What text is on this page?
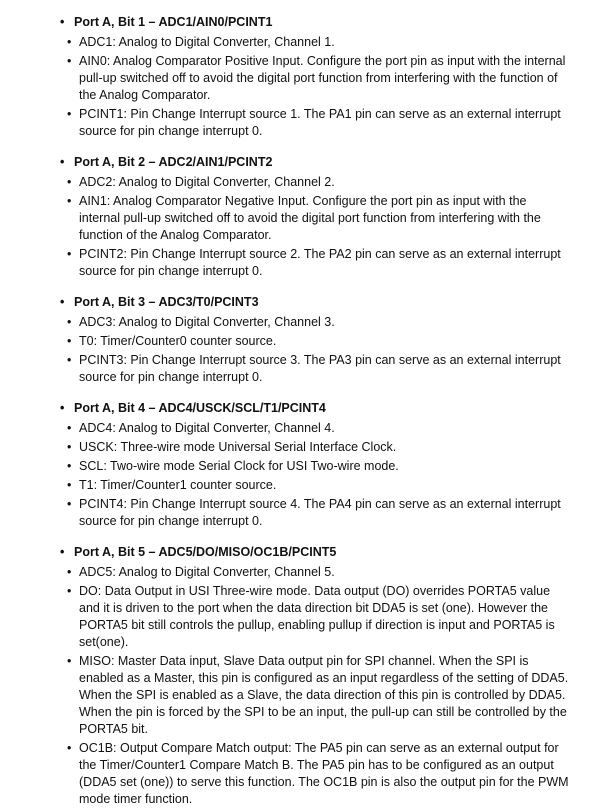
• Port A, Bit 1 – ADC1/AIN0/PCINT1
• ADC1: Analog to Digital Converter, Channel 1.
• AIN0: Analog Comparator Positive Input. Configure the port pin as input with the internal pull-up switched off to avoid the digital port function from interfering with the function of the Analog Comparator.
• PCINT1: Pin Change Interrupt source 1. The PA1 pin can serve as an external interrupt source for pin change interrupt 0.
• Port A, Bit 2 – ADC2/AIN1/PCINT2
• ADC2: Analog to Digital Converter, Channel 2.
• AIN1: Analog Comparator Negative Input. Configure the port pin as input with the internal pull-up switched off to avoid the digital port function from interfering with the function of the Analog Comparator.
• PCINT2: Pin Change Interrupt source 2. The PA2 pin can serve as an external interrupt source for pin change interrupt 0.
• Port A, Bit 3 – ADC3/T0/PCINT3
• ADC3: Analog to Digital Converter, Channel 3.
• T0: Timer/Counter0 counter source.
• PCINT3: Pin Change Interrupt source 3. The PA3 pin can serve as an external interrupt source for pin change interrupt 0.
• Port A, Bit 4 – ADC4/USCK/SCL/T1/PCINT4
• ADC4: Analog to Digital Converter, Channel 4.
• USCK: Three-wire mode Universal Serial Interface Clock.
• SCL: Two-wire mode Serial Clock for USI Two-wire mode.
• T1: Timer/Counter1 counter source.
• PCINT4: Pin Change Interrupt source 4. The PA4 pin can serve as an external interrupt source for pin change interrupt 0.
• Port A, Bit 5 – ADC5/DO/MISO/OC1B/PCINT5
• ADC5: Analog to Digital Converter, Channel 5.
• DO: Data Output in USI Three-wire mode. Data output (DO) overrides PORTA5 value and it is driven to the port when the data direction bit DDA5 is set (one). However the PORTA5 bit still controls the pullup, enabling pullup if direction is input and PORTA5 is set(one).
• MISO: Master Data input, Slave Data output pin for SPI channel. When the SPI is enabled as a Master, this pin is configured as an input regardless of the setting of DDA5. When the SPI is enabled as a Slave, the data direction of this pin is controlled by DDA5. When the pin is forced by the SPI to be an input, the pull-up can still be controlled by the PORTA5 bit.
• OC1B: Output Compare Match output: The PA5 pin can serve as an external output for the Timer/Counter1 Compare Match B. The PA5 pin has to be configured as an output (DDA5 set (one)) to serve this function. The OC1B pin is also the output pin for the PWM mode timer function.
